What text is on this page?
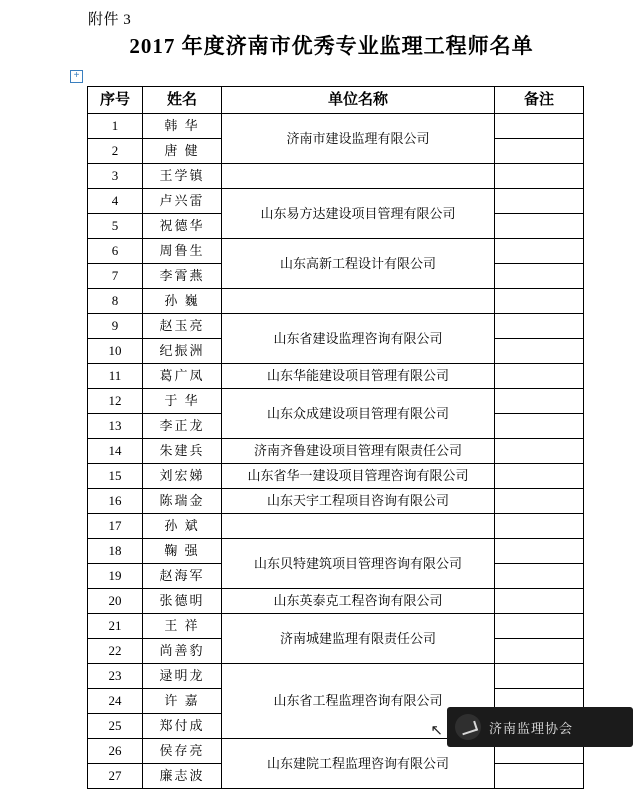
附件 3
2017 年度济南市优秀专业监理工程师名单
+
序号	姓名	单位名称	备注
1	韩 华	济南市建设监理有限公司	
2	唐 健		
3	王学镇		
4	卢兴雷	山东易方达建设项目管理有限公司	
5	祝德华		
6	周鲁生	山东高新工程设计有限公司	
7	李霄燕		
8	孙 巍		
9	赵玉亮	山东省建设监理咨询有限公司	
10	纪振洲		
11	葛广凤	山东华能建设项目管理有限公司	
12	于 华	山东众成建设项目管理有限公司	
13	李正龙		
14	朱建兵	济南齐鲁建设项目管理有限责任公司	
15	刘宏娣	山东省华一建设项目管理咨询有限公司	
16	陈瑞金	山东天宇工程项目咨询有限公司	
17	孙 斌		
18	鞠 强	山东贝特建筑项目管理咨询有限公司	
19	赵海军		
20	张德明	山东英泰克工程咨询有限公司	
21	王 祥	济南城建监理有限责任公司	
22	尚善豹		
23	逯明龙	山东省工程监理咨询有限公司	
24	许 嘉		
25	郑付成		
26	侯存亮	山东建院工程监理咨询有限公司	
27	廉志波		
↖	济南监理协会
